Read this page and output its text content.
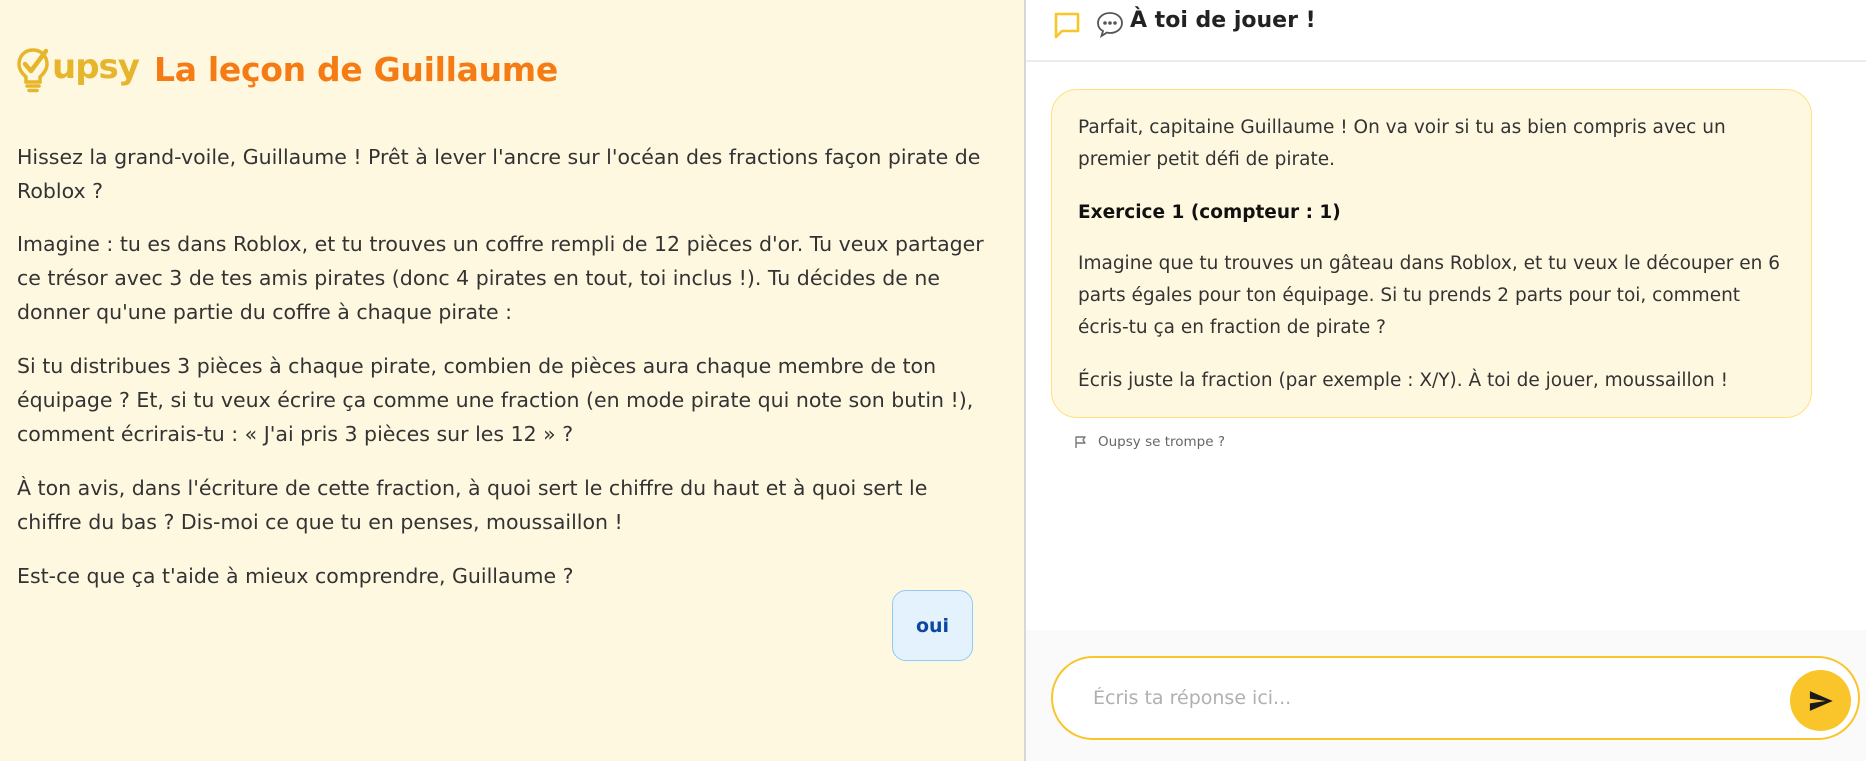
upsy La leçon de Guillaume

Hissez la grand-voile, Guillaume ! Prêt à lever l'ancre sur l'océan des fractions façon pirate de Roblox ?

Imagine : tu es dans Roblox, et tu trouves un coffre rempli de 12 pièces d'or. Tu veux partager ce trésor avec 3 de tes amis pirates (donc 4 pirates en tout, toi inclus !). Tu décides de ne donner qu'une partie du coffre à chaque pirate :

Si tu distribues 3 pièces à chaque pirate, combien de pièces aura chaque membre de ton équipage ? Et, si tu veux écrire ça comme une fraction (en mode pirate qui note son butin !), comment écrirais-tu : « J'ai pris 3 pièces sur les 12 » ?

À ton avis, dans l'écriture de cette fraction, à quoi sert le chiffre du haut et à quoi sert le chiffre du bas ? Dis-moi ce que tu en penses, moussaillon !

Est-ce que ça t'aide à mieux comprendre, Guillaume ?

oui
À toi de jouer !

Parfait, capitaine Guillaume ! On va voir si tu as bien compris avec un premier petit défi de pirate.

Exercice 1 (compteur : 1)

Imagine que tu trouves un gâteau dans Roblox, et tu veux le découper en 6 parts égales pour ton équipage. Si tu prends 2 parts pour toi, comment écris-tu ça en fraction de pirate ?

Écris juste la fraction (par exemple : X/Y). À toi de jouer, moussaillon !

Oupsy se trompe ?
Écris ta réponse ici...
